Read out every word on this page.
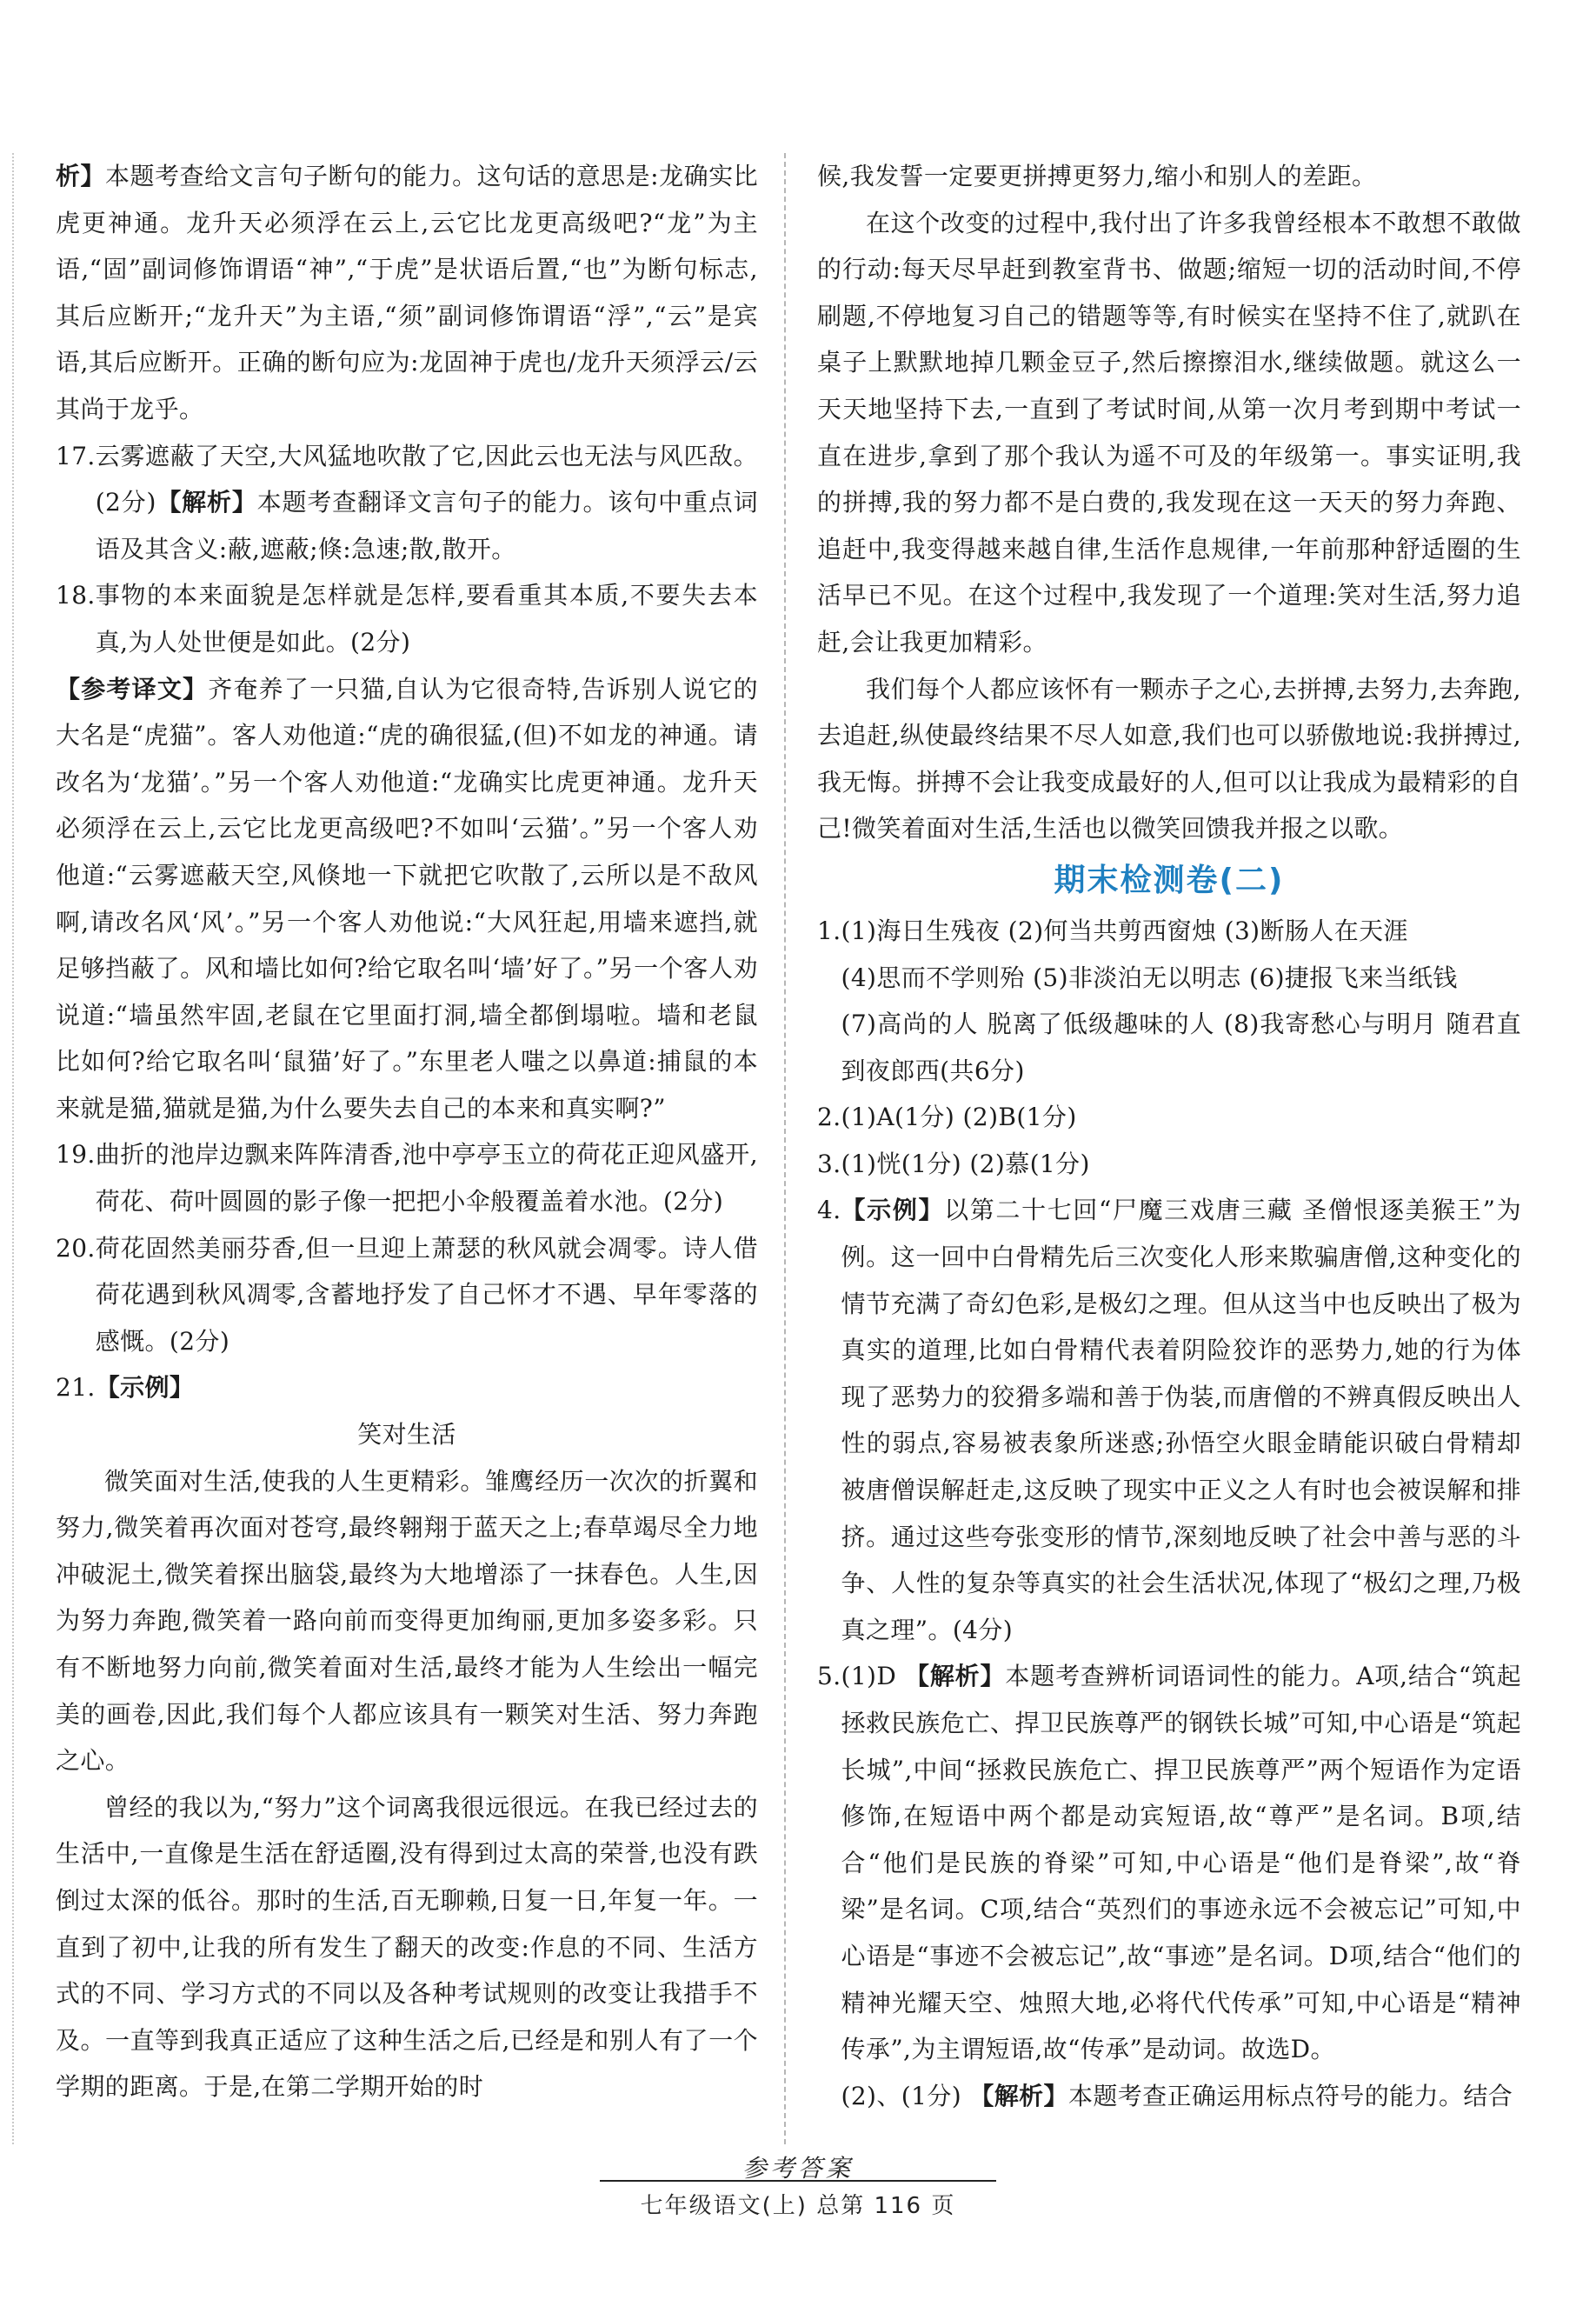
析】本题考查给文言句子断句的能力。这句话的意思是:龙确实比虎更神通。龙升天必须浮在云上,云它比龙更高级吧?“龙”为主语,“固”副词修饰谓语“神”,“于虎”是状语后置,“也”为断句标志,其后应断开;“龙升天”为主语,“须”副词修饰谓语“浮”,“云”是宾语,其后应断开。正确的断句应为:龙固神于虎也/龙升天须浮云/云其尚于龙乎。

17. 云雾遮蔽了天空,大风猛地吹散了它,因此云也无法与风匹敌。(2分)【解析】本题考查翻译文言句子的能力。该句中重点词语及其含义:蔽,遮蔽;倏:急速;散,散开。

18. 事物的本来面貌是怎样就是怎样,要看重其本质,不要失去本真,为人处世便是如此。(2分)

【参考译文】齐奄养了一只猫,自认为它很奇特,告诉别人说它的大名是“虎猫”。客人劝他道:“虎的确很猛,(但)不如龙的神通。请改名为‘龙猫’。”另一个客人劝他道:“龙确实比虎更神通。龙升天必须浮在云上,云它比龙更高级吧?不如叫‘云猫’。”另一个客人劝他道:“云雾遮蔽天空,风倏地一下就把它吹散了,云所以是不敌风啊,请改名风‘风’。”另一个客人劝他说:“大风狂起,用墙来遮挡,就足够挡蔽了。风和墙比如何?给它取名叫‘墙’好了。”另一个客人劝说道:“墙虽然牢固,老鼠在它里面打洞,墙全都倒塌啦。墙和老鼠比如何?给它取名叫‘鼠猫’好了。”东里老人嗤之以鼻道:捕鼠的本来就是猫,猫就是猫,为什么要失去自己的本来和真实啊?”

19. 曲折的池岸边飘来阵阵清香,池中亭亭玉立的荷花正迎风盛开,荷花、荷叶圆圆的影子像一把把小伞般覆盖着水池。(2分)

20. 荷花固然美丽芬香,但一旦迎上萧瑟的秋风就会凋零。诗人借荷花遇到秋风凋零,含蓄地抒发了自己怀才不遇、早年零落的感慨。(2分)

21. 【示例】

笑对生活

微笑面对生活,使我的人生更精彩。雏鹰经历一次次的折翼和努力,微笑着再次面对苍穹,最终翱翔于蓝天之上;春草竭尽全力地冲破泥土,微笑着探出脑袋,最终为大地增添了一抹春色。人生,因为努力奔跑,微笑着一路向前而变得更加绚丽,更加多姿多彩。只有不断地努力向前,微笑着面对生活,最终才能为人生绘出一幅完美的画卷,因此,我们每个人都应该具有一颗笑对生活、努力奔跑之心。

曾经的我以为,“努力”这个词离我很远很远。在我已经过去的生活中,一直像是生活在舒适圈,没有得到过太高的荣誉,也没有跌倒过太深的低谷。那时的生活,百无聊赖,日复一日,年复一年。一直到了初中,让我的所有发生了翻天的改变:作息的不同、生活方式的不同、学习方式的不同以及各种考试规则的改变让我措手不及。一直等到我真正适应了这种生活之后,已经是和别人有了一个学期的距离。于是,在第二学期开始的时

候,我发誓一定要更拼搏更努力,缩小和别人的差距。

在这个改变的过程中,我付出了许多我曾经根本不敢想不敢做的行动:每天尽早赶到教室背书、做题;缩短一切的活动时间,不停刷题,不停地复习自己的错题等等,有时候实在坚持不住了,就趴在桌子上默默地掉几颗金豆子,然后擦擦泪水,继续做题。就这么一天天地坚持下去,一直到了考试时间,从第一次月考到期中考试一直在进步,拿到了那个我认为遥不可及的年级第一。事实证明,我的拼搏,我的努力都不是白费的,我发现在这一天天的努力奔跑、追赶中,我变得越来越自律,生活作息规律,一年前那种舒适圈的生活早已不见。在这个过程中,我发现了一个道理:笑对生活,努力追赶,会让我更加精彩。

我们每个人都应该怀有一颗赤子之心,去拼搏,去努力,去奔跑,去追赶,纵使最终结果不尽人如意,我们也可以骄傲地说:我拼搏过,我无悔。拼搏不会让我变成最好的人,但可以让我成为最精彩的自己!微笑着面对生活,生活也以微笑回馈我并报之以歌。

期末检测卷(二)

1. (1)海日生残夜 (2)何当共剪西窗烛 (3)断肠人在天涯

(4)思而不学则殆 (5)非淡泊无以明志 (6)捷报飞来当纸钱

(7)高尚的人 脱离了低级趣味的人 (8)我寄愁心与明月 随君直到夜郎西(共6分)

2. (1)A(1分) (2)B(1分)

3. (1)恍(1分) (2)慕(1分)

4. 【示例】以第二十七回“尸魔三戏唐三藏 圣僧恨逐美猴王”为例。这一回中白骨精先后三次变化人形来欺骗唐僧,这种变化的情节充满了奇幻色彩,是极幻之理。但从这当中也反映出了极为真实的道理,比如白骨精代表着阴险狡诈的恶势力,她的行为体现了恶势力的狡猾多端和善于伪装,而唐僧的不辨真假反映出人性的弱点,容易被表象所迷惑;孙悟空火眼金睛能识破白骨精却被唐僧误解赶走,这反映了现实中正义之人有时也会被误解和排挤。通过这些夸张变形的情节,深刻地反映了社会中善与恶的斗争、人性的复杂等真实的社会生活状况,体现了“极幻之理,乃极真之理”。(4分)

5. (1)D 【解析】本题考查辨析词语词性的能力。A项,结合“筑起拯救民族危亡、捍卫民族尊严的钢铁长城”可知,中心语是“筑起长城”,中间“拯救民族危亡、捍卫民族尊严”两个短语作为定语修饰,在短语中两个都是动宾短语,故“尊严”是名词。B项,结合“他们是民族的脊梁”可知,中心语是“他们是脊梁”,故“脊梁”是名词。C项,结合“英烈们的事迹永远不会被忘记”可知,中心语是“事迹不会被忘记”,故“事迹”是名词。D项,结合“他们的精神光耀天空、烛照大地,必将代代传承”可知,中心语是“精神传承”,为主谓短语,故“传承”是动词。故选D。

(2)、(1分) 【解析】本题考查正确运用标点符号的能力。结合

参考答案
七年级语文(上) 总第 116 页
